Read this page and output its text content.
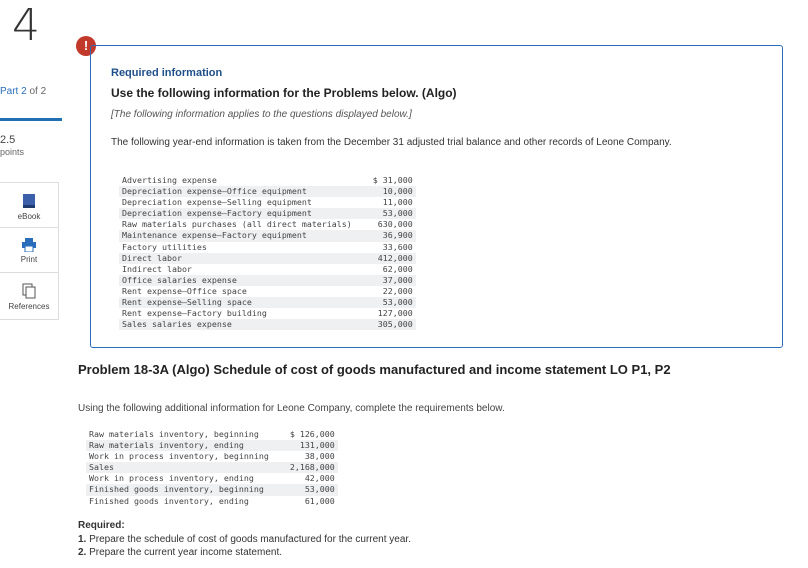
4
Part 2 of 2
2.5
points
eBook
Print
References
!
Required information
Use the following information for the Problems below. (Algo)
[The following information applies to the questions displayed below.]
The following year-end information is taken from the December 31 adjusted trial balance and other records of Leone Company.
Advertising expense	$ 31,000
Depreciation expense—Office equipment	10,000
Depreciation expense—Selling equipment	11,000
Depreciation expense—Factory equipment	53,000
Raw materials purchases (all direct materials)	630,000
Maintenance expense—Factory equipment	36,900
Factory utilities	33,600
Direct labor	412,000
Indirect labor	62,000
Office salaries expense	37,000
Rent expense—Office space	22,000
Rent expense—Selling space	53,000
Rent expense—Factory building	127,000
Sales salaries expense	305,000
Problem 18-3A (Algo) Schedule of cost of goods manufactured and income statement LO P1, P2
Using the following additional information for Leone Company, complete the requirements below.
Raw materials inventory, beginning	$ 126,000
Raw materials inventory, ending	131,000
Work in process inventory, beginning	38,000
Sales	2,168,000
Work in process inventory, ending	42,000
Finished goods inventory, beginning	53,000
Finished goods inventory, ending	61,000
Required:
1. Prepare the schedule of cost of goods manufactured for the current year.
2. Prepare the current year income statement.
